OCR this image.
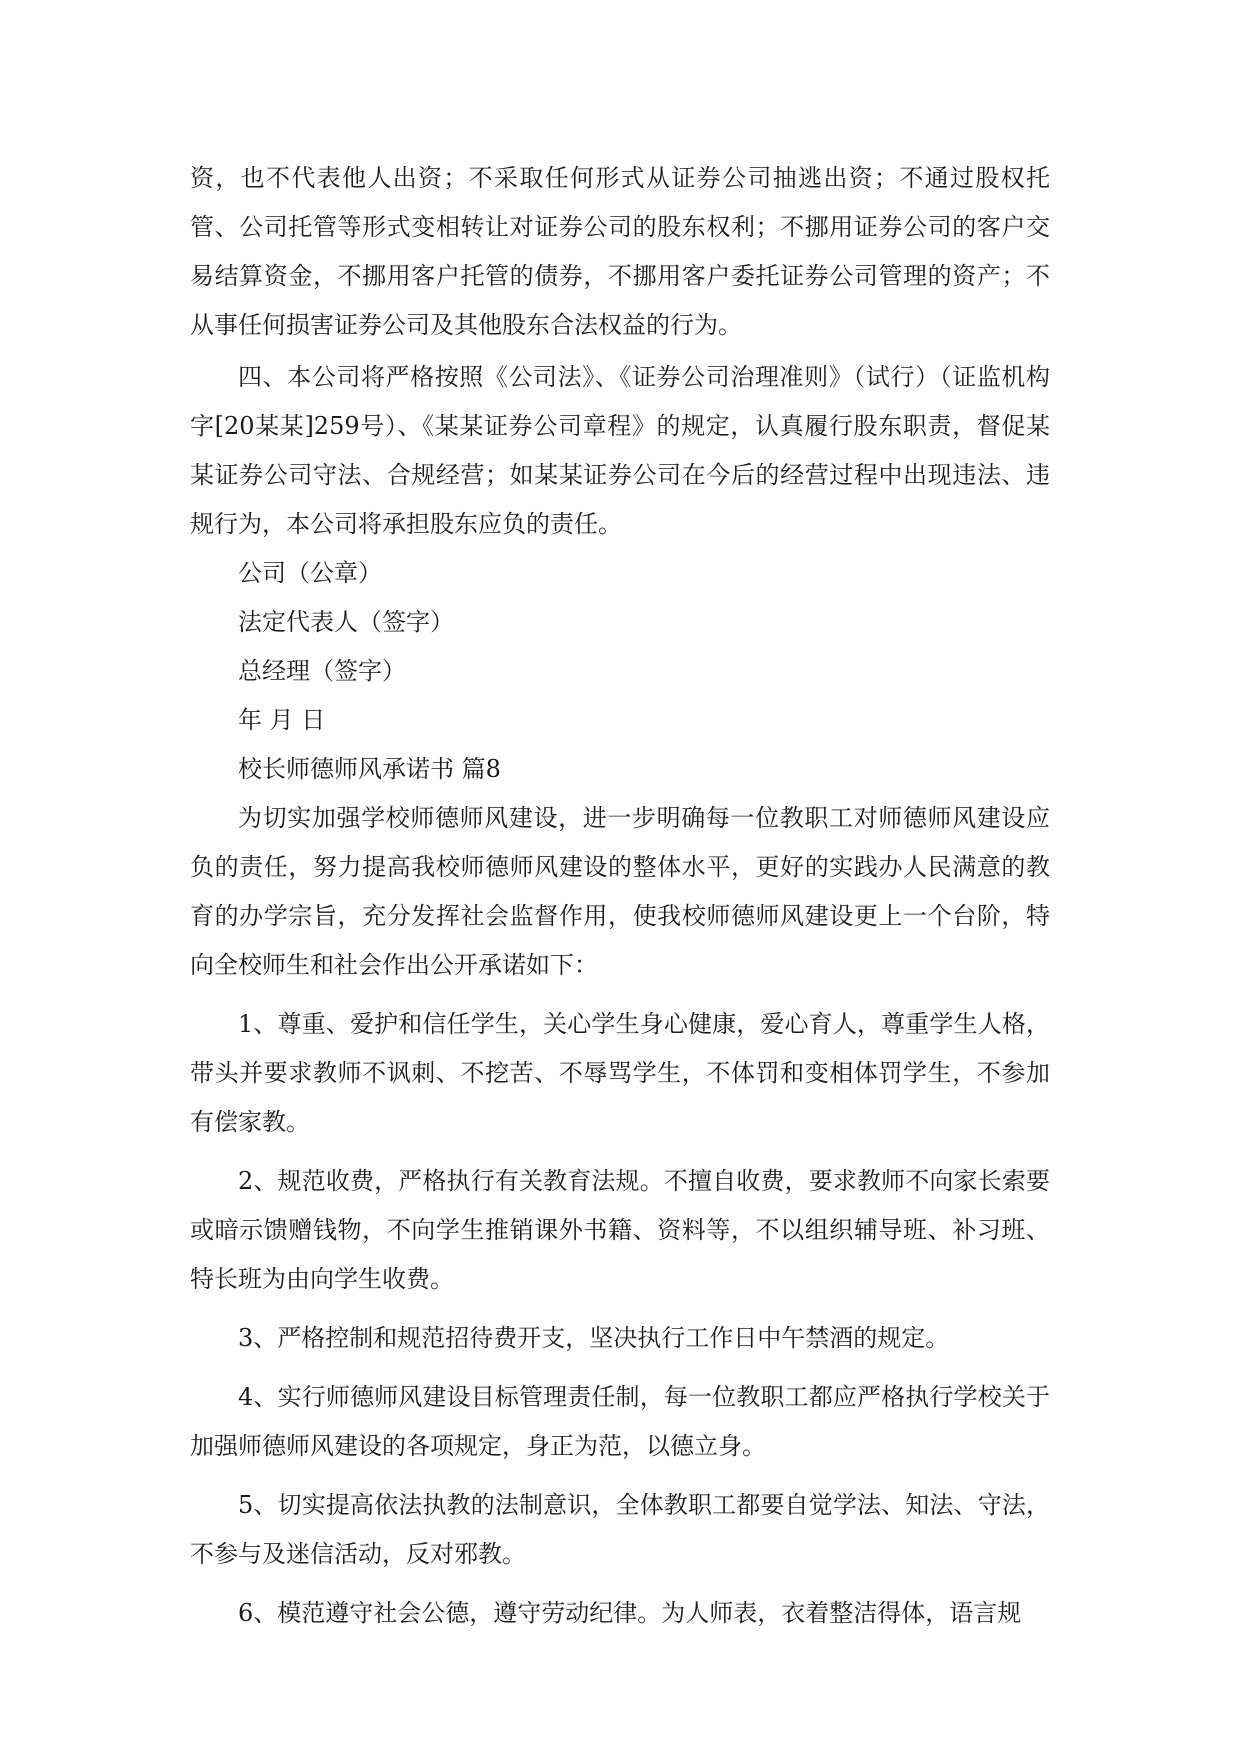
资，也不代表他人出资；不采取任何形式从证券公司抽逃出资；不通过股权托管、公司托管等形式变相转让对证券公司的股东权利；不挪用证券公司的客户交易结算资金，不挪用客户托管的债券，不挪用客户委托证券公司管理的资产；不从事任何损害证券公司及其他股东合法权益的行为。

四、本公司将严格按照《公司法》、《证券公司治理准则》（试行）（证监机构字[20某某]259号）、《某某证券公司章程》的规定，认真履行股东职责，督促某某证券公司守法、合规经营；如某某证券公司在今后的经营过程中出现违法、违规行为，本公司将承担股东应负的责任。

公司（公章）

法定代表人（签字）

总经理（签字）

年 月 日

校长师德师风承诺书 篇8

为切实加强学校师德师风建设，进一步明确每一位教职工对师德师风建设应负的责任，努力提高我校师德师风建设的整体水平，更好的实践办人民满意的教育的办学宗旨，充分发挥社会监督作用，使我校师德师风建设更上一个台阶，特向全校师生和社会作出公开承诺如下：

1、尊重、爱护和信任学生，关心学生身心健康，爱心育人，尊重学生人格，带头并要求教师不讽刺、不挖苦、不辱骂学生，不体罚和变相体罚学生，不参加有偿家教。

2、规范收费，严格执行有关教育法规。不擅自收费，要求教师不向家长索要或暗示馈赠钱物，不向学生推销课外书籍、资料等，不以组织辅导班、补习班、特长班为由向学生收费。

3、严格控制和规范招待费开支，坚决执行工作日中午禁酒的规定。

4、实行师德师风建设目标管理责任制，每一位教职工都应严格执行学校关于加强师德师风建设的各项规定，身正为范，以德立身。

5、切实提高依法执教的法制意识，全体教职工都要自觉学法、知法、守法，不参与及迷信活动，反对邪教。

6、模范遵守社会公德，遵守劳动纪律。为人师表，衣着整洁得体，语言规
